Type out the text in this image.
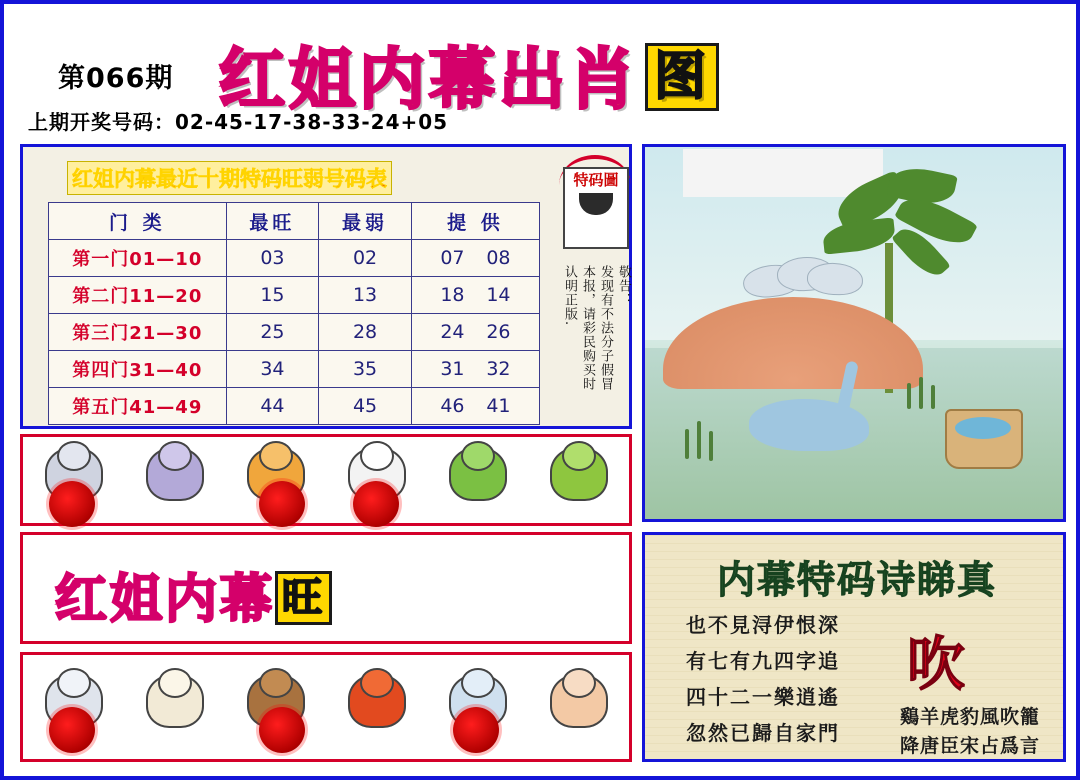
第066期
上期开奖号码：02-45-17-38-33-24+05
红姐内幕出肖 图
红姐内幕最近十期特码旺弱号码表	特码圖
敬告：
发现有不法分子假冒
本报，请彩民购买时
认明正版.
门 类	最旺	最弱	提 供
第一门01—10	03	02	07 08
第二门11—20	15	13	18 14
第三门21—30	25	28	24 26
第四门31—40	34	35	31 32
第五门41—49	44	45	46 41
红姐内幕 旺	内幕特码诗睇真
也不見浔伊恨深
有七有九四字追
四十二一樂逍遙
忽然已歸自家門
吹
鷄羊虎豹風吹籠
降唐臣宋占爲言
